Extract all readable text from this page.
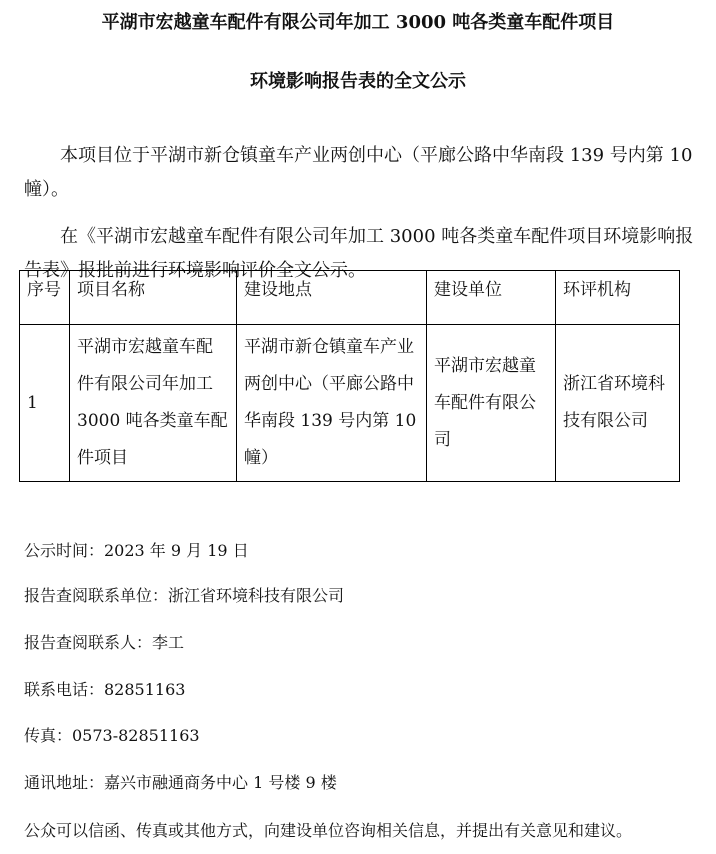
平湖市宏越童车配件有限公司年加工 3000 吨各类童车配件项目
环境影响报告表的全文公示

本项目位于平湖市新仓镇童车产业两创中心（平廊公路中华南段 139 号内第 10 幢）。

在《平湖市宏越童车配件有限公司年加工 3000 吨各类童车配件项目环境影响报告表》报批前进行环境影响评价全文公示。

序号	项目名称	建设地点	建设单位	环评机构
1	平湖市宏越童车配件有限公司年加工 3000 吨各类童车配件项目	平湖市新仓镇童车产业两创中心（平廊公路中华南段 139 号内第 10 幢）	平湖市宏越童车配件有限公司	浙江省环境科技有限公司
公示时间：2023 年 9 月 19 日
报告查阅联系单位：浙江省环境科技有限公司
报告查阅联系人：李工
联系电话：82851163
传真：0573-82851163
通讯地址：嘉兴市融通商务中心 1 号楼 9 楼
公众可以信函、传真或其他方式，向建设单位咨询相关信息，并提出有关意见和建议。
